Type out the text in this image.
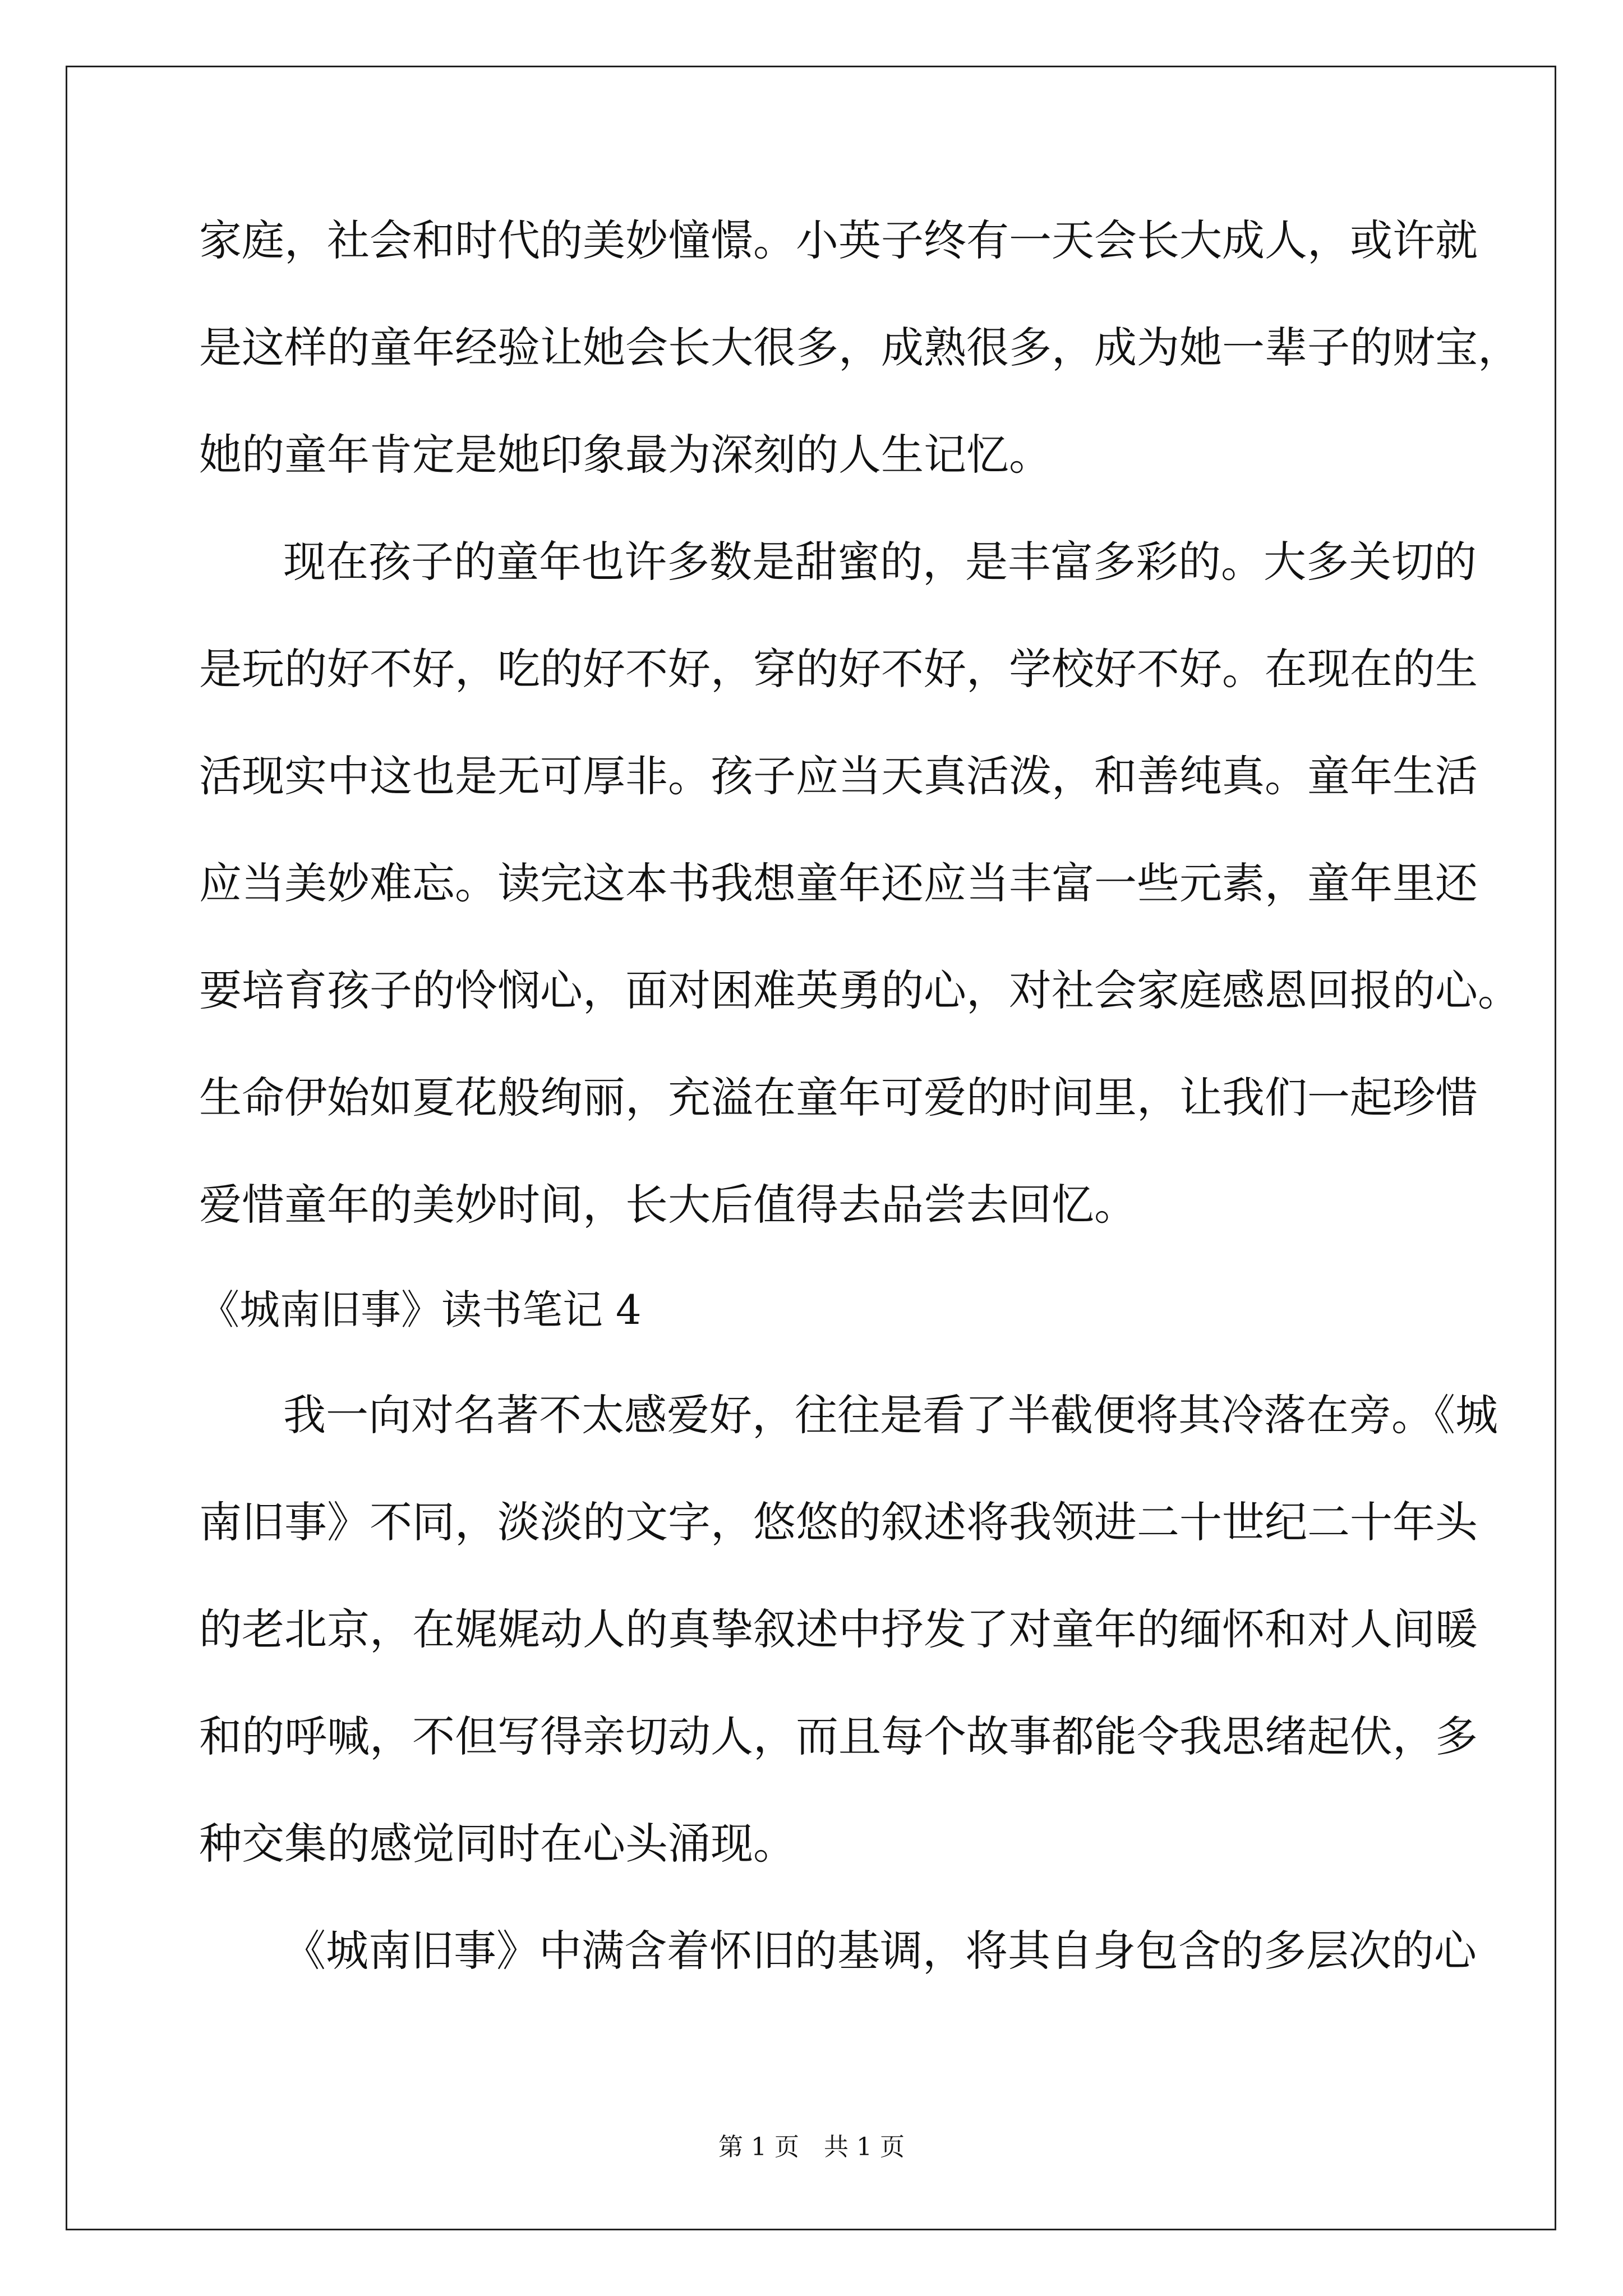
家庭，社会和时代的美妙憧憬。小英子终有一天会长大成人，或许就
是这样的童年经验让她会长大很多，成熟很多，成为她一辈子的财宝，
她的童年肯定是她印象最为深刻的人生记忆。
现在孩子的童年也许多数是甜蜜的，是丰富多彩的。大多关切的
是玩的好不好，吃的好不好，穿的好不好，学校好不好。在现在的生
活现实中这也是无可厚非。孩子应当天真活泼，和善纯真。童年生活
应当美妙难忘。读完这本书我想童年还应当丰富一些元素，童年里还
要培育孩子的怜悯心，面对困难英勇的心，对社会家庭感恩回报的心。
生命伊始如夏花般绚丽，充溢在童年可爱的时间里，让我们一起珍惜
爱惜童年的美妙时间，长大后值得去品尝去回忆。
《城南旧事》读书笔记 4
我一向对名著不太感爱好，往往是看了半截便将其冷落在旁。《城
南旧事》不同，淡淡的文字，悠悠的叙述将我领进二十世纪二十年头
的老北京，在娓娓动人的真挚叙述中抒发了对童年的缅怀和对人间暖
和的呼喊，不但写得亲切动人，而且每个故事都能令我思绪起伏，多
种交集的感觉同时在心头涌现。
《城南旧事》中满含着怀旧的基调，将其自身包含的多层次的心
第 1 页　共 1 页
